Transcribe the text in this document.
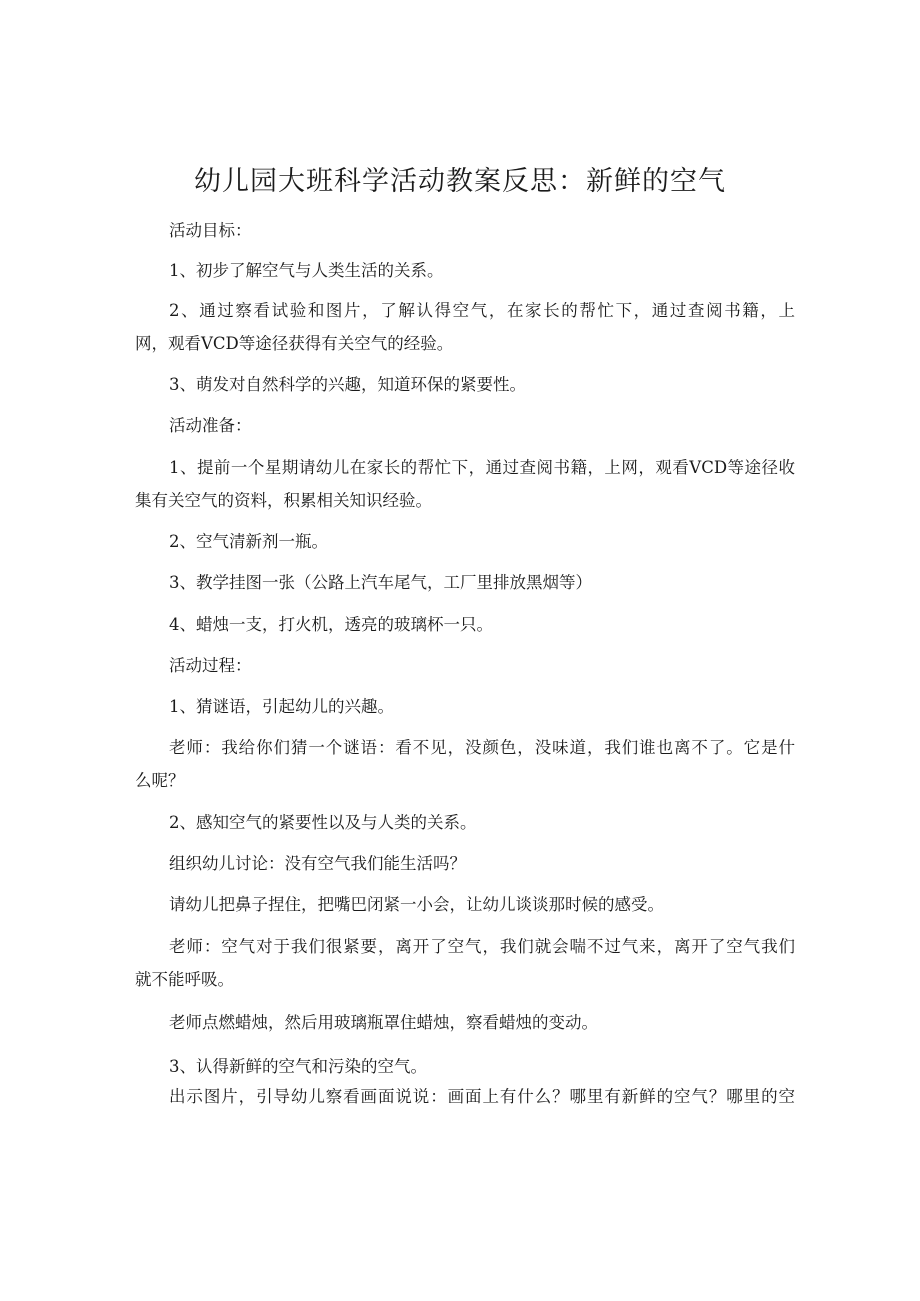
幼儿园大班科学活动教案反思：新鲜的空气

活动目标：

1、初步了解空气与人类生活的关系。

2、通过察看试验和图片，了解认得空气，在家长的帮忙下，通过查阅书籍，上

网，观看VCD等途径获得有关空气的经验。

3、萌发对自然科学的兴趣，知道环保的紧要性。

活动准备：

1、提前一个星期请幼儿在家长的帮忙下，通过查阅书籍，上网，观看VCD等途径收

集有关空气的资料，积累相关知识经验。

2、空气清新剂一瓶。

3、教学挂图一张（公路上汽车尾气，工厂里排放黑烟等）

4、蜡烛一支，打火机，透亮的玻璃杯一只。

活动过程：

1、猜谜语，引起幼儿的兴趣。

老师：我给你们猜一个谜语：看不见，没颜色，没味道，我们谁也离不了。它是什

么呢？

2、感知空气的紧要性以及与人类的关系。

组织幼儿讨论：没有空气我们能生活吗？

请幼儿把鼻子捏住，把嘴巴闭紧一小会，让幼儿谈谈那时候的感受。

老师：空气对于我们很紧要，离开了空气，我们就会喘不过气来，离开了空气我们

就不能呼吸。

老师点燃蜡烛，然后用玻璃瓶罩住蜡烛，察看蜡烛的变动。

3、认得新鲜的空气和污染的空气。

出示图片，引导幼儿察看画面说说：画面上有什么？哪里有新鲜的空气？哪里的空
